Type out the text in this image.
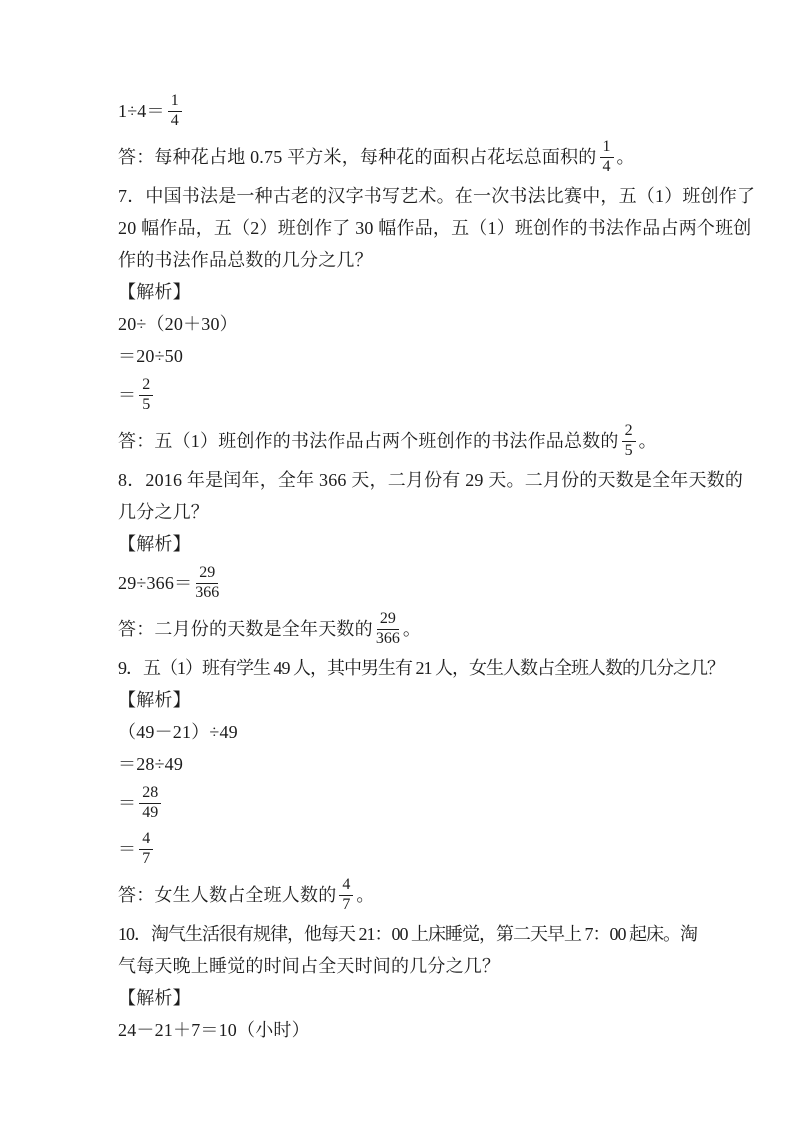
$1\div 4= \frac{1}{4}$
答：每种花占地 0.75 平方米，每种花的面积占花坛总面积的 $\frac{1}{4}$ 。
7．中国书法是一种古老的汉字书写艺术。在一次书法比赛中，五（1）班创作了
20 幅作品，五（2）班创作了 30 幅作品，五（1）班创作的书法作品占两个班创
作的书法作品总数的几分之几？
【解析】
20÷（20＋30）
＝20÷50
＝ $\frac{2}{5}$
答：五（1）班创作的书法作品占两个班创作的书法作品总数的 $\frac{2}{5}$ 。
8．2016 年是闰年，全年 366 天，二月份有 29 天。二月份的天数是全年天数的
几分之几？
【解析】
$29\div 366= \frac{29}{366}$
答：二月份的天数是全年天数的 $\frac{29}{366}$ 。
9．五（1）班有学生 49 人，其中男生有 21 人，女生人数占全班人数的几分之几？
【解析】
（49－21）÷49
＝28÷49
＝ $\frac{28}{49}$
＝ $\frac{4}{7}$
答：女生人数占全班人数的 $\frac{4}{7}$ 。
10．淘气生活很有规律，他每天 21：00 上床睡觉，第二天早上 7：00 起床。淘
气每天晚上睡觉的时间占全天时间的几分之几？
【解析】
24－21＋7＝10（小时）
